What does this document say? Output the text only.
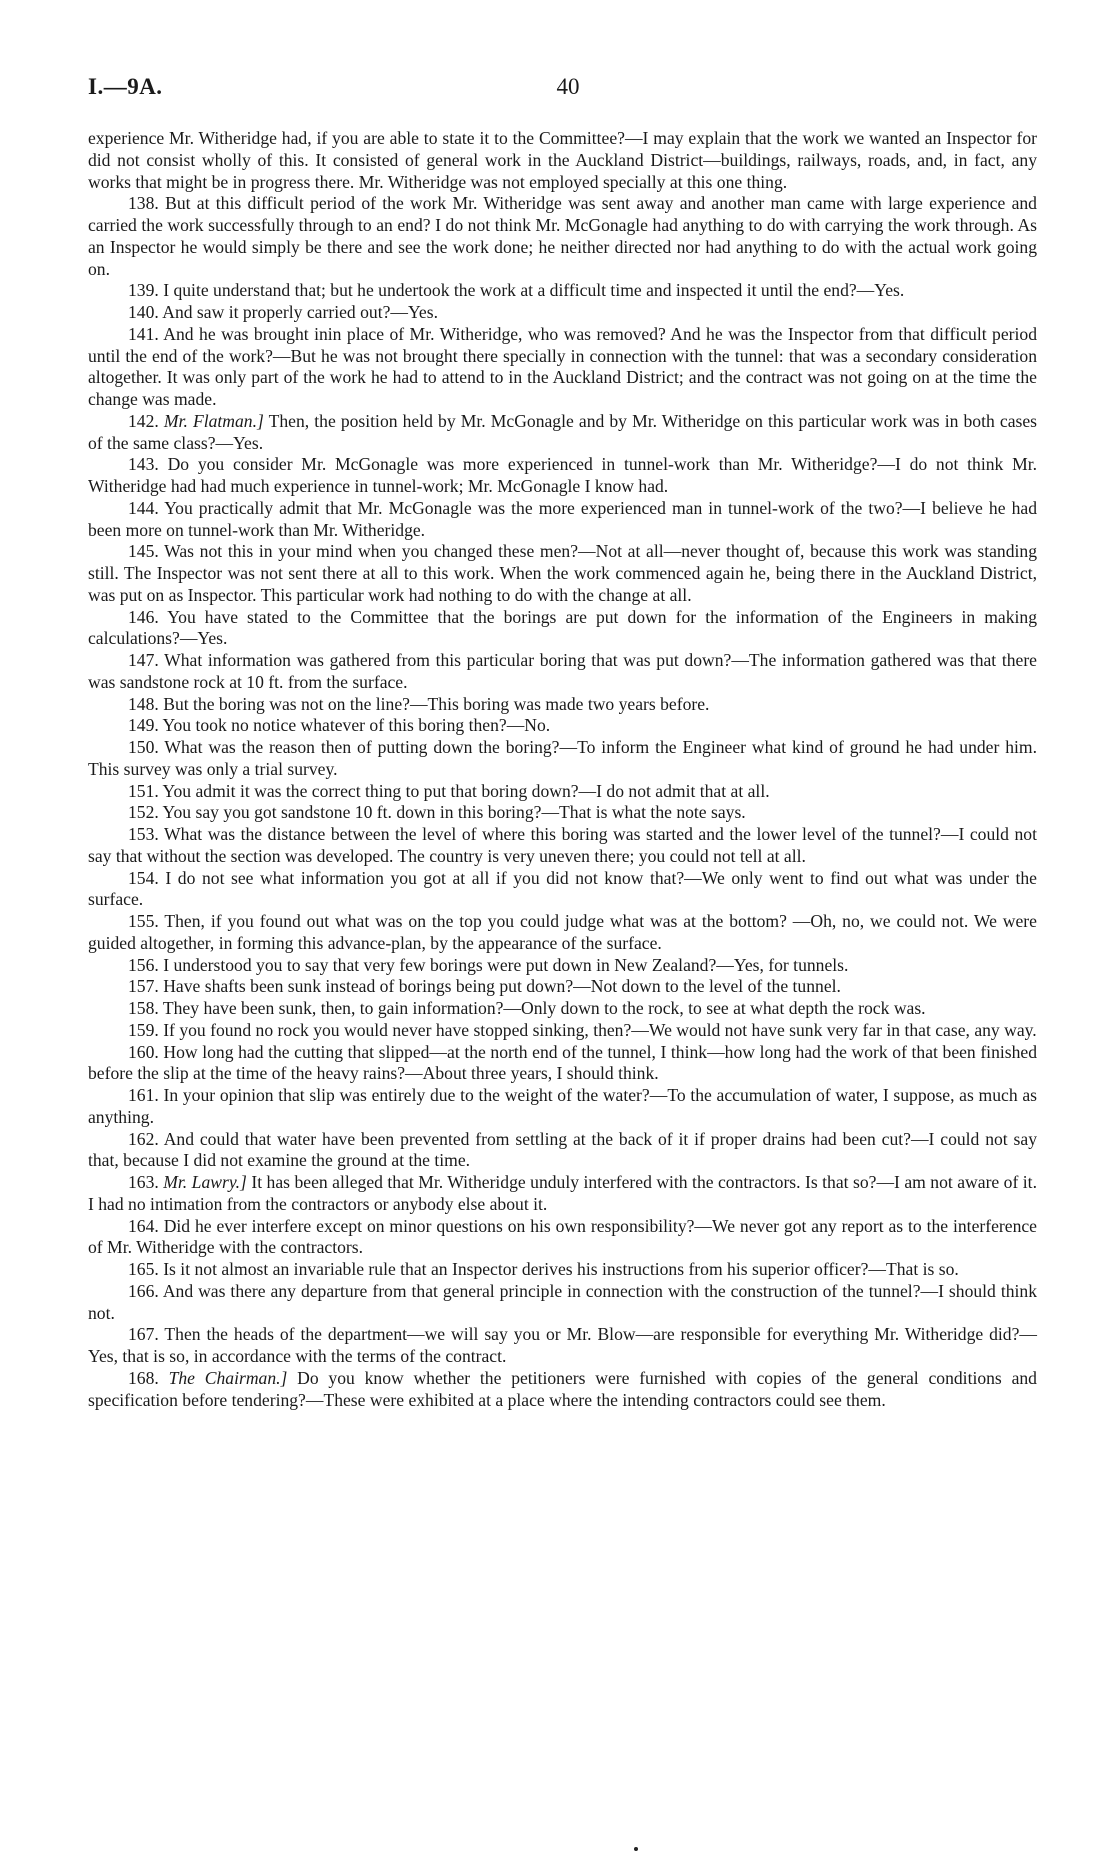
I.—9A.	40

experience Mr. Witheridge had, if you are able to state it to the Committee?—I may explain that the work we wanted an Inspector for did not consist wholly of this. It consisted of general work in the Auckland District—buildings, railways, roads, and, in fact, any works that might be in progress there. Mr. Witheridge was not employed specially at this one thing.

138. But at this difficult period of the work Mr. Witheridge was sent away and another man came with large experience and carried the work successfully through to an end? I do not think Mr. McGonagle had anything to do with carrying the work through. As an Inspector he would simply be there and see the work done; he neither directed nor had anything to do with the actual work going on.

139. I quite understand that; but he undertook the work at a difficult time and inspected it until the end?—Yes.

140. And saw it properly carried out?—Yes.

141. And he was brought inin place of Mr. Witheridge, who was removed? And he was the Inspector from that difficult period until the end of the work?—But he was not brought there specially in connection with the tunnel: that was a secondary consideration altogether. It was only part of the work he had to attend to in the Auckland District; and the contract was not going on at the time the change was made.

142. Mr. Flatman.] Then, the position held by Mr. McGonagle and by Mr. Witheridge on this particular work was in both cases of the same class?—Yes.

143. Do you consider Mr. McGonagle was more experienced in tunnel-work than Mr. Witheridge?—I do not think Mr. Witheridge had had much experience in tunnel-work; Mr. McGonagle I know had.

144. You practically admit that Mr. McGonagle was the more experienced man in tunnel-work of the two?—I believe he had been more on tunnel-work than Mr. Witheridge.

145. Was not this in your mind when you changed these men?—Not at all—never thought of, because this work was standing still. The Inspector was not sent there at all to this work. When the work commenced again he, being there in the Auckland District, was put on as Inspector. This particular work had nothing to do with the change at all.

146. You have stated to the Committee that the borings are put down for the information of the Engineers in making calculations?—Yes.

147. What information was gathered from this particular boring that was put down?—The information gathered was that there was sandstone rock at 10 ft. from the surface.

148. But the boring was not on the line?—This boring was made two years before.

149. You took no notice whatever of this boring then?—No.

150. What was the reason then of putting down the boring?—To inform the Engineer what kind of ground he had under him. This survey was only a trial survey.

151. You admit it was the correct thing to put that boring down?—I do not admit that at all.

152. You say you got sandstone 10 ft. down in this boring?—That is what the note says.

153. What was the distance between the level of where this boring was started and the lower level of the tunnel?—I could not say that without the section was developed. The country is very uneven there; you could not tell at all.

154. I do not see what information you got at all if you did not know that?—We only went to find out what was under the surface.

155. Then, if you found out what was on the top you could judge what was at the bottom? —Oh, no, we could not. We were guided altogether, in forming this advance-plan, by the appearance of the surface.

156. I understood you to say that very few borings were put down in New Zealand?—Yes, for tunnels.

157. Have shafts been sunk instead of borings being put down?—Not down to the level of the tunnel.

158. They have been sunk, then, to gain information?—Only down to the rock, to see at what depth the rock was.

159. If you found no rock you would never have stopped sinking, then?—We would not have sunk very far in that case, any way.

160. How long had the cutting that slipped—at the north end of the tunnel, I think—how long had the work of that been finished before the slip at the time of the heavy rains?—About three years, I should think.

161. In your opinion that slip was entirely due to the weight of the water?—To the accumulation of water, I suppose, as much as anything.

162. And could that water have been prevented from settling at the back of it if proper drains had been cut?—I could not say that, because I did not examine the ground at the time.

163. Mr. Lawry.] It has been alleged that Mr. Witheridge unduly interfered with the contractors. Is that so?—I am not aware of it. I had no intimation from the contractors or anybody else about it.

164. Did he ever interfere except on minor questions on his own responsibility?—We never got any report as to the interference of Mr. Witheridge with the contractors.

165. Is it not almost an invariable rule that an Inspector derives his instructions from his superior officer?—That is so.

166. And was there any departure from that general principle in connection with the construction of the tunnel?—I should think not.

167. Then the heads of the department—we will say you or Mr. Blow—are responsible for everything Mr. Witheridge did?—Yes, that is so, in accordance with the terms of the contract.

168. The Chairman.] Do you know whether the petitioners were furnished with copies of the general conditions and specification before tendering?—These were exhibited at a place where the intending contractors could see them.
